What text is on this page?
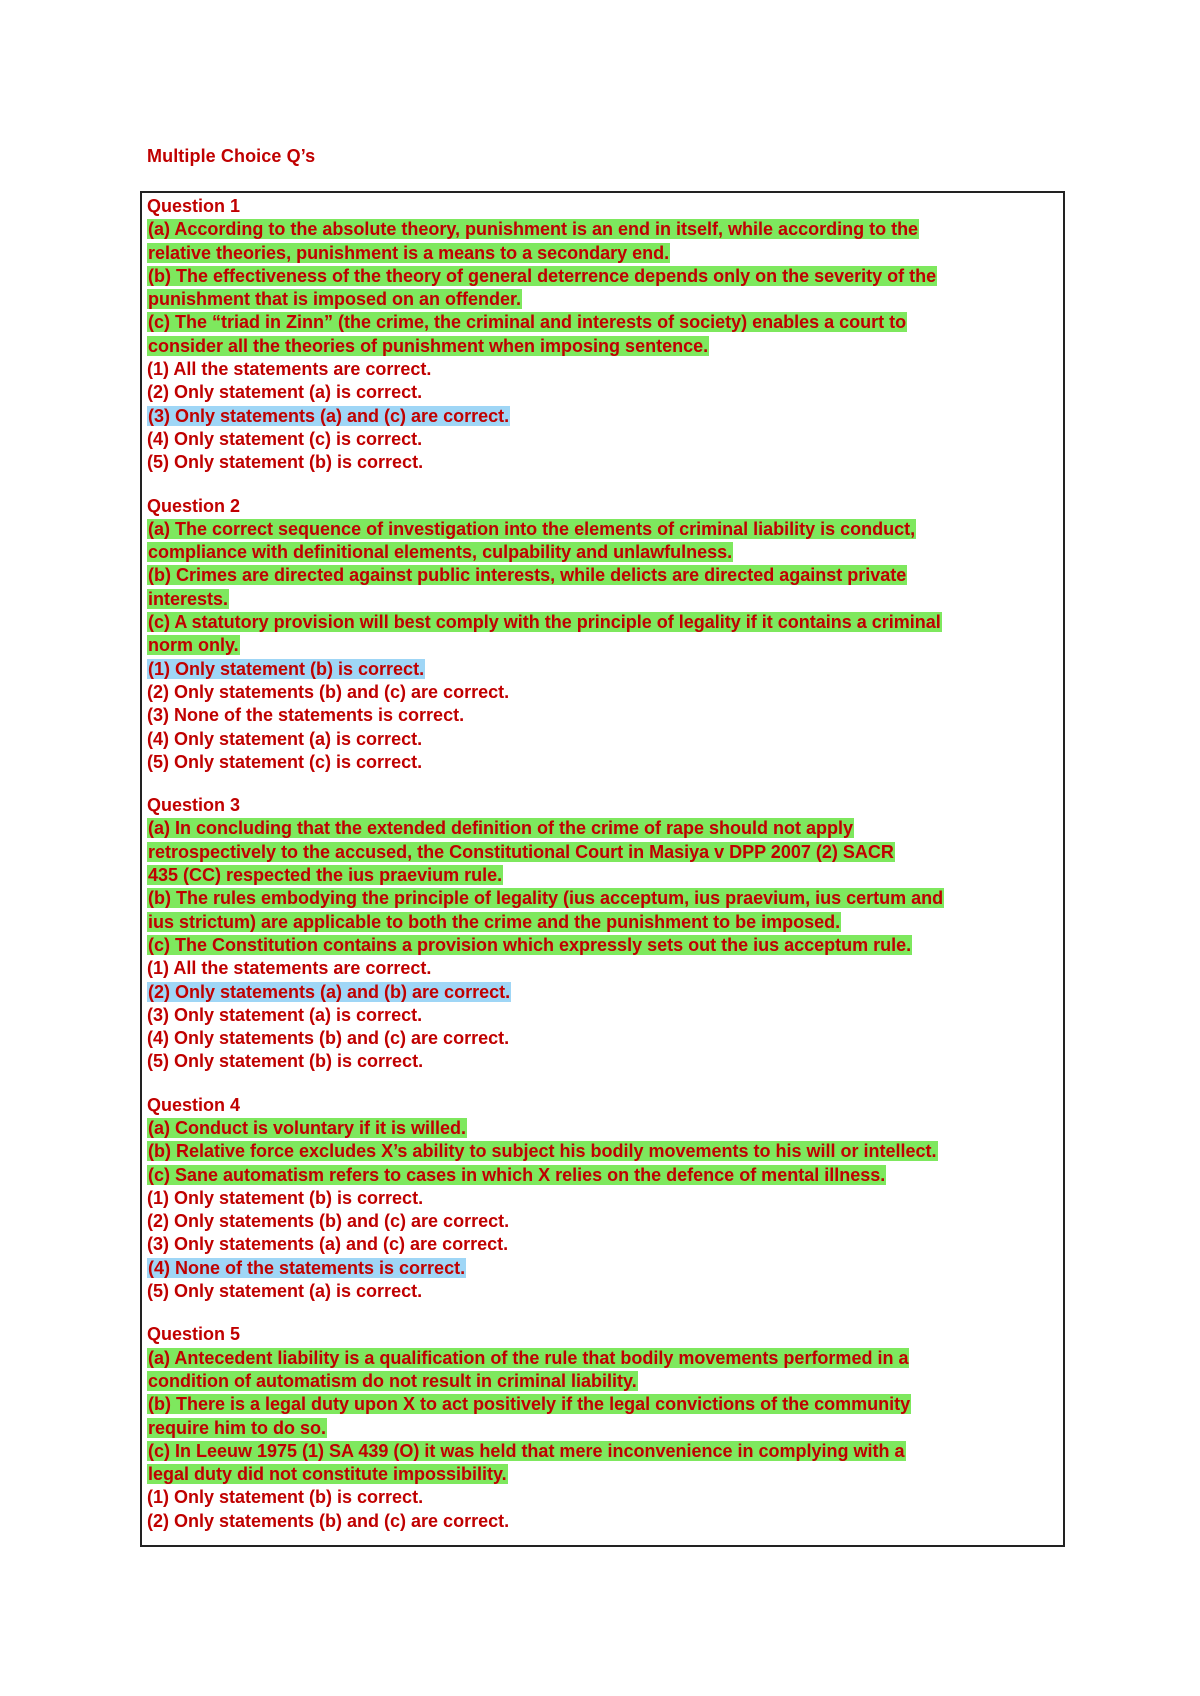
Multiple Choice Q’s
Question 1
(a) According to the absolute theory, punishment is an end in itself, while according to the
relative theories, punishment is a means to a secondary end.
(b) The effectiveness of the theory of general deterrence depends only on the severity of the
punishment that is imposed on an offender.
(c) The “triad in Zinn” (the crime, the criminal and interests of society) enables a court to
consider all the theories of punishment when imposing sentence.
(1) All the statements are correct.
(2) Only statement (a) is correct.
(3) Only statements (a) and (c) are correct.
(4) Only statement (c) is correct.
(5) Only statement (b) is correct.
Question 2
(a) The correct sequence of investigation into the elements of criminal liability is conduct,
compliance with definitional elements, culpability and unlawfulness.
(b) Crimes are directed against public interests, while delicts are directed against private
interests.
(c) A statutory provision will best comply with the principle of legality if it contains a criminal
norm only.
(1) Only statement (b) is correct.
(2) Only statements (b) and (c) are correct.
(3) None of the statements is correct.
(4) Only statement (a) is correct.
(5) Only statement (c) is correct.
Question 3
(a) In concluding that the extended definition of the crime of rape should not apply
retrospectively to the accused, the Constitutional Court in Masiya v DPP 2007 (2) SACR
435 (CC) respected the ius praevium rule.
(b) The rules embodying the principle of legality (ius acceptum, ius praevium, ius certum and
ius strictum) are applicable to both the crime and the punishment to be imposed.
(c) The Constitution contains a provision which expressly sets out the ius acceptum rule.
(1) All the statements are correct.
(2) Only statements (a) and (b) are correct.
(3) Only statement (a) is correct.
(4) Only statements (b) and (c) are correct.
(5) Only statement (b) is correct.
Question 4
(a) Conduct is voluntary if it is willed.
(b) Relative force excludes X’s ability to subject his bodily movements to his will or intellect.
(c) Sane automatism refers to cases in which X relies on the defence of mental illness.
(1) Only statement (b) is correct.
(2) Only statements (b) and (c) are correct.
(3) Only statements (a) and (c) are correct.
(4) None of the statements is correct.
(5) Only statement (a) is correct.
Question 5
(a) Antecedent liability is a qualification of the rule that bodily movements performed in a
condition of automatism do not result in criminal liability.
(b) There is a legal duty upon X to act positively if the legal convictions of the community
require him to do so.
(c) In Leeuw 1975 (1) SA 439 (O) it was held that mere inconvenience in complying with a
legal duty did not constitute impossibility.
(1) Only statement (b) is correct.
(2) Only statements (b) and (c) are correct.
